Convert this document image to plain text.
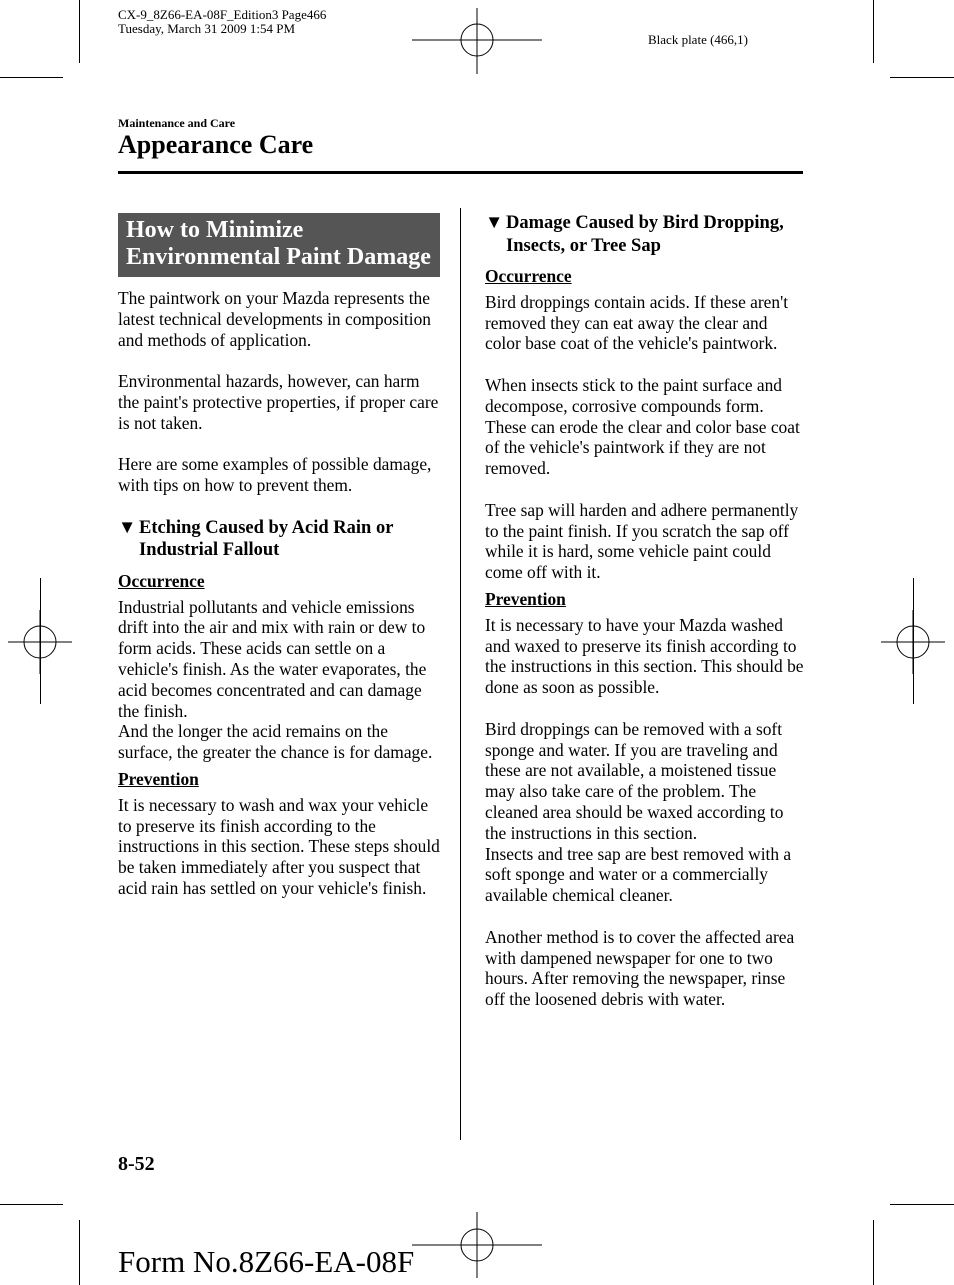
CX-9_8Z66-EA-08F_Edition3 Page466
Tuesday, March 31 2009 1:54 PM
Black plate (466,1)
Maintenance and Care
Appearance Care
How to Minimize Environmental Paint Damage

The paintwork on your Mazda represents the latest technical developments in composition and methods of application.

Environmental hazards, however, can harm the paint's protective properties, if proper care is not taken.

Here are some examples of possible damage, with tips on how to prevent them.

▼ Etching Caused by Acid Rain or Industrial Fallout
Occurrence

Industrial pollutants and vehicle emissions drift into the air and mix with rain or dew to form acids. These acids can settle on a vehicle's finish. As the water evaporates, the acid becomes concentrated and can damage the finish.
And the longer the acid remains on the surface, the greater the chance is for damage.

Prevention

It is necessary to wash and wax your vehicle to preserve its finish according to the instructions in this section. These steps should be taken immediately after you suspect that acid rain has settled on your vehicle's finish.

▼ Damage Caused by Bird Dropping, Insects, or Tree Sap
Occurrence

Bird droppings contain acids. If these aren't removed they can eat away the clear and color base coat of the vehicle's paintwork.

When insects stick to the paint surface and decompose, corrosive compounds form. These can erode the clear and color base coat of the vehicle's paintwork if they are not removed.

Tree sap will harden and adhere permanently to the paint finish. If you scratch the sap off while it is hard, some vehicle paint could come off with it.

Prevention

It is necessary to have your Mazda washed and waxed to preserve its finish according to the instructions in this section. This should be done as soon as possible.

Bird droppings can be removed with a soft sponge and water. If you are traveling and these are not available, a moistened tissue may also take care of the problem. The cleaned area should be waxed according to the instructions in this section.
Insects and tree sap are best removed with a soft sponge and water or a commercially available chemical cleaner.

Another method is to cover the affected area with dampened newspaper for one to two hours. After removing the newspaper, rinse off the loosened debris with water.

8-52
Form No.8Z66-EA-08F
